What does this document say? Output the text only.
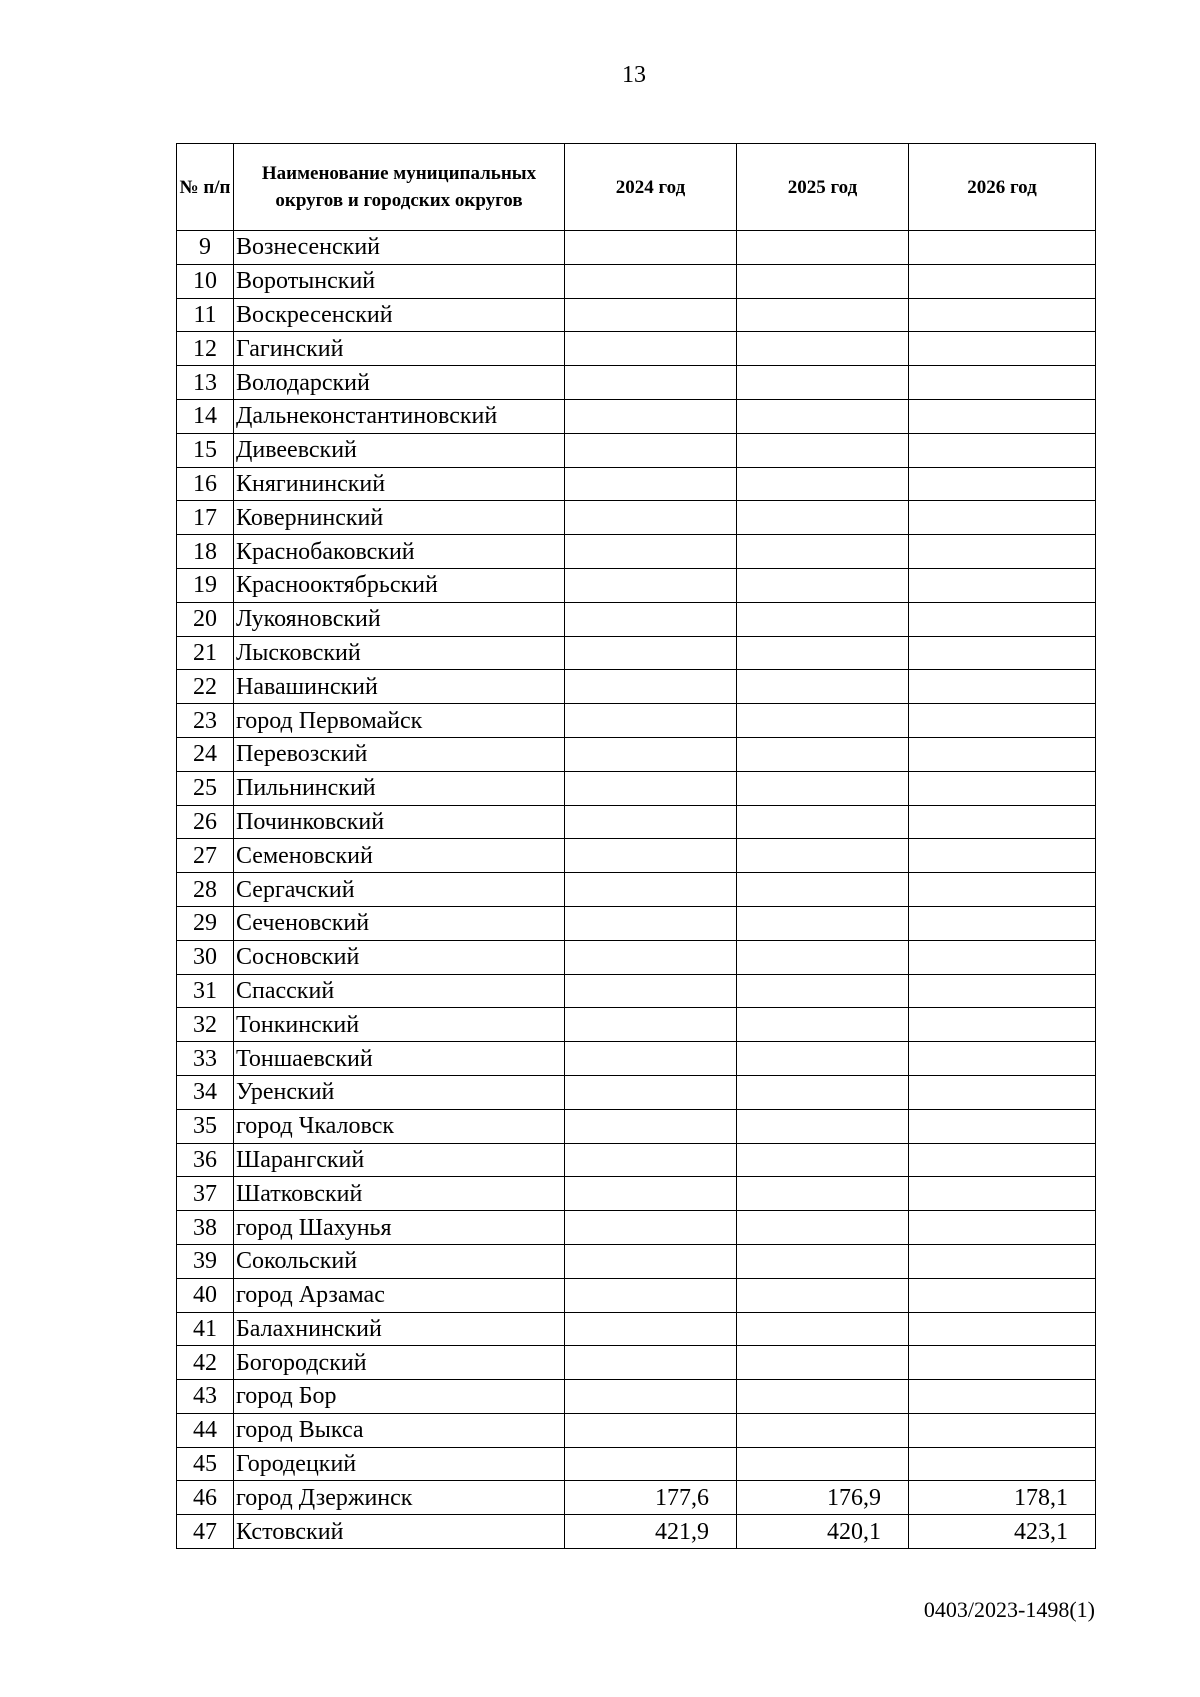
13
№ п/п	Наименование муниципальных округов и городских округов	2024 год	2025 год	2026 год
9	Вознесенский			
10	Воротынский			
11	Воскресенский			
12	Гагинский			
13	Володарский			
14	Дальнеконстантиновский			
15	Дивеевский			
16	Княгининский			
17	Ковернинский			
18	Краснобаковский			
19	Краснооктябрьский			
20	Лукояновский			
21	Лысковский			
22	Навашинский			
23	город Первомайск			
24	Перевозский			
25	Пильнинский			
26	Починковский			
27	Семеновский			
28	Сергачский			
29	Сеченовский			
30	Сосновский			
31	Спасский			
32	Тонкинский			
33	Тоншаевский			
34	Уренский			
35	город Чкаловск			
36	Шарангский			
37	Шатковский			
38	город Шахунья			
39	Сокольский			
40	город Арзамас			
41	Балахнинский			
42	Богородский			
43	город Бор			
44	город Выкса			
45	Городецкий			
46	город Дзержинск	177,6	176,9	178,1
47	Кстовский	421,9	420,1	423,1
0403/2023-1498(1)
